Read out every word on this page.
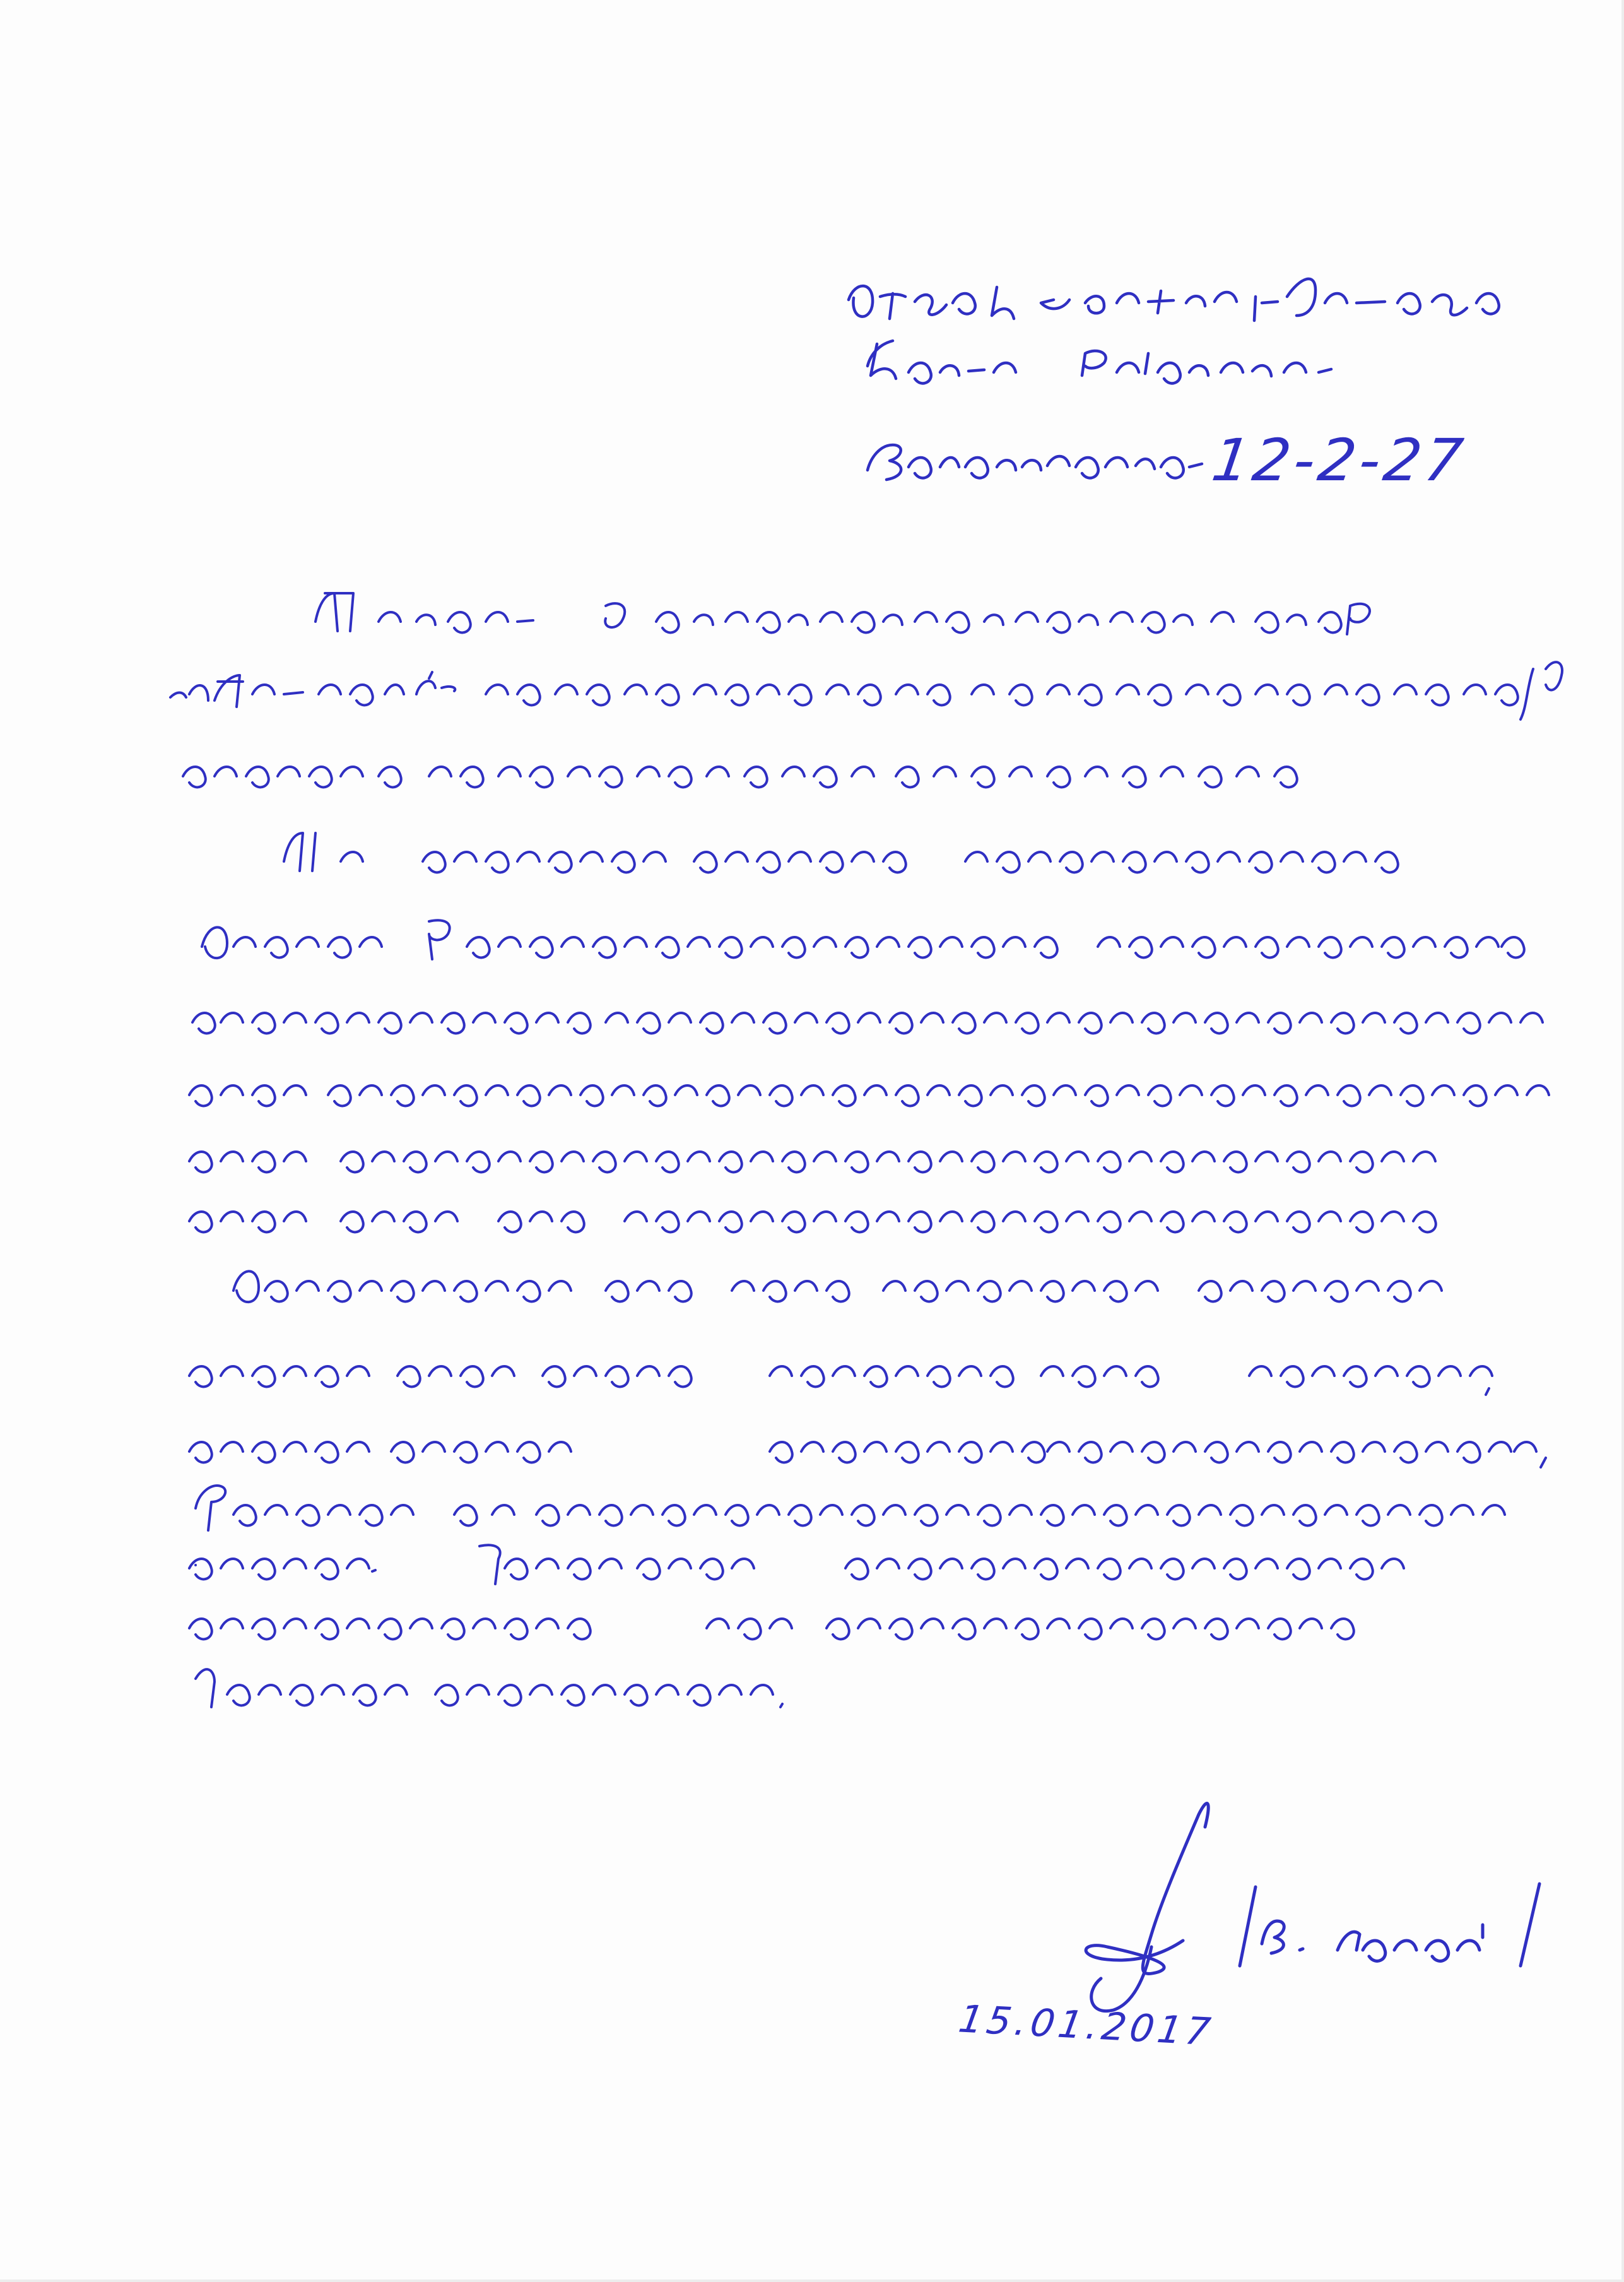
12-2-27
15.01.2017
